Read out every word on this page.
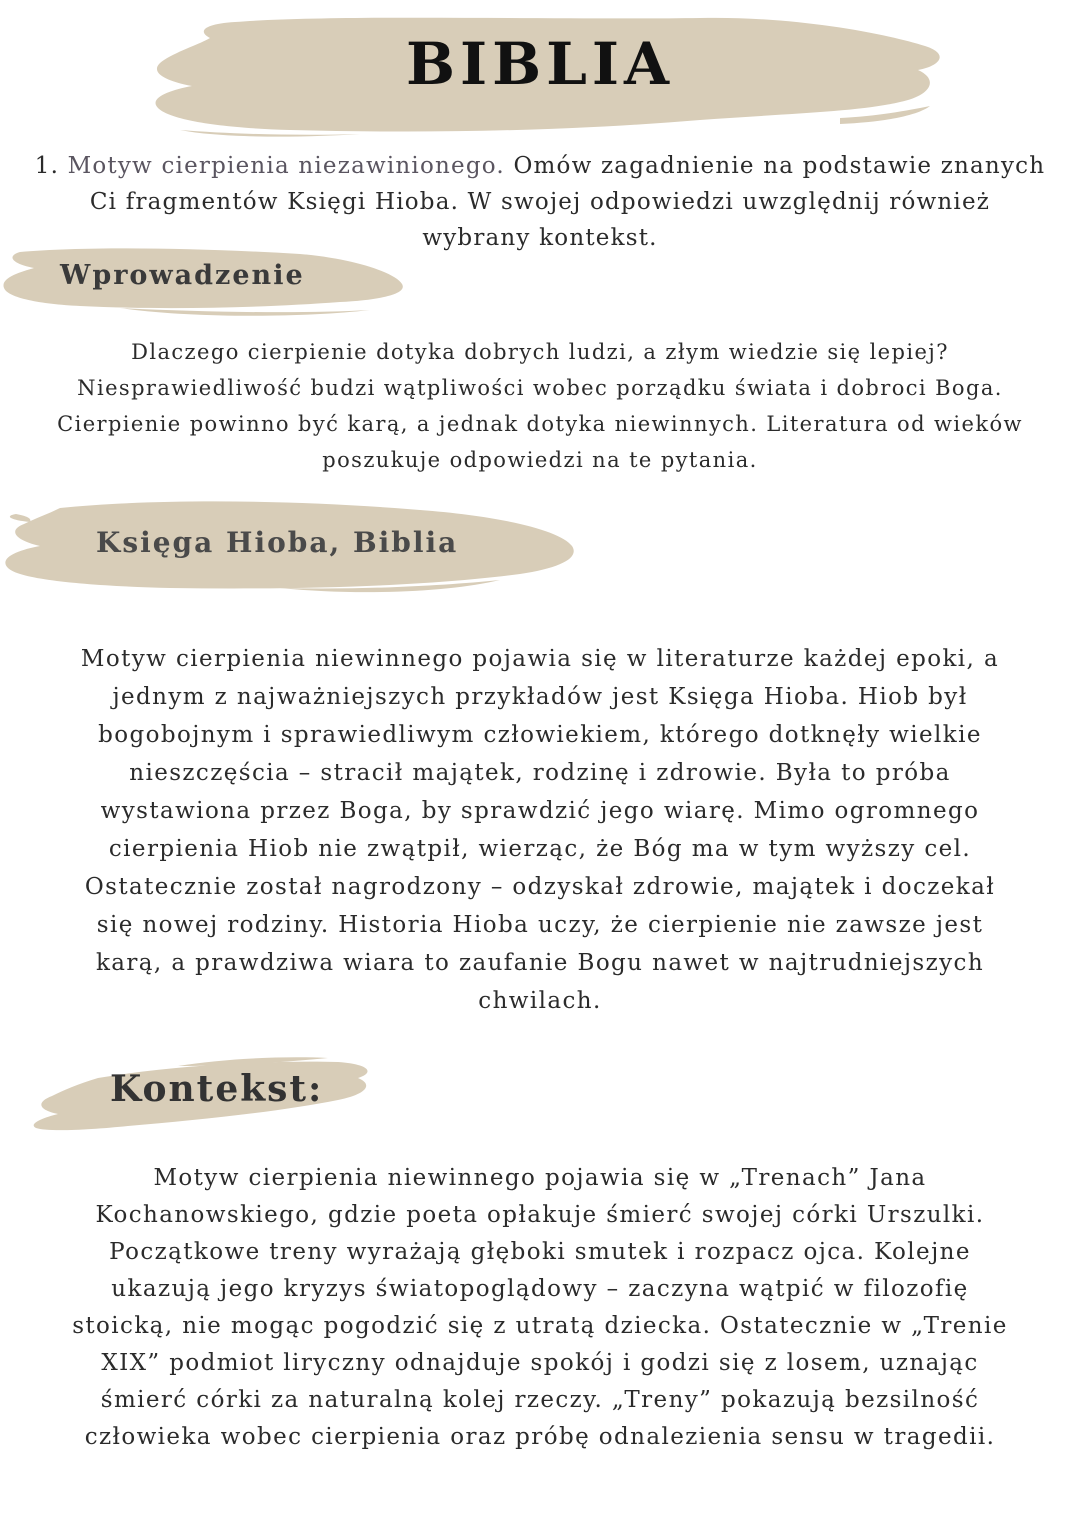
BIBLIA

1. Motyw cierpienia niezawinionego. Omów zagadnienie na podstawie znanych
Ci fragmentów Księgi Hioba. W swojej odpowiedzi uwzględnij również
wybrany kontekst.

Wprowadzenie

Dlaczego cierpienie dotyka dobrych ludzi, a złym wiedzie się lepiej?
Niesprawiedliwość budzi wątpliwości wobec porządku świata i dobroci Boga.
Cierpienie powinno być karą, a jednak dotyka niewinnych. Literatura od wieków
poszukuje odpowiedzi na te pytania.

Księga Hioba, Biblia

Motyw cierpienia niewinnego pojawia się w literaturze każdej epoki, a
jednym z najważniejszych przykładów jest Księga Hioba. Hiob był
bogobojnym i sprawiedliwym człowiekiem, którego dotknęły wielkie
nieszczęścia – stracił majątek, rodzinę i zdrowie. Była to próba
wystawiona przez Boga, by sprawdzić jego wiarę. Mimo ogromnego
cierpienia Hiob nie zwątpił, wierząc, że Bóg ma w tym wyższy cel.
Ostatecznie został nagrodzony – odzyskał zdrowie, majątek i doczekał
się nowej rodziny. Historia Hioba uczy, że cierpienie nie zawsze jest
karą, a prawdziwa wiara to zaufanie Bogu nawet w najtrudniejszych
chwilach.

Kontekst:

Motyw cierpienia niewinnego pojawia się w „Trenach” Jana
Kochanowskiego, gdzie poeta opłakuje śmierć swojej córki Urszulki.
Początkowe treny wyrażają głęboki smutek i rozpacz ojca. Kolejne
ukazują jego kryzys światopoglądowy – zaczyna wątpić w filozofię
stoicką, nie mogąc pogodzić się z utratą dziecka. Ostatecznie w „Trenie
XIX” podmiot liryczny odnajduje spokój i godzi się z losem, uznając
śmierć córki za naturalną kolej rzeczy. „Treny” pokazują bezsilność
człowieka wobec cierpienia oraz próbę odnalezienia sensu w tragedii.
